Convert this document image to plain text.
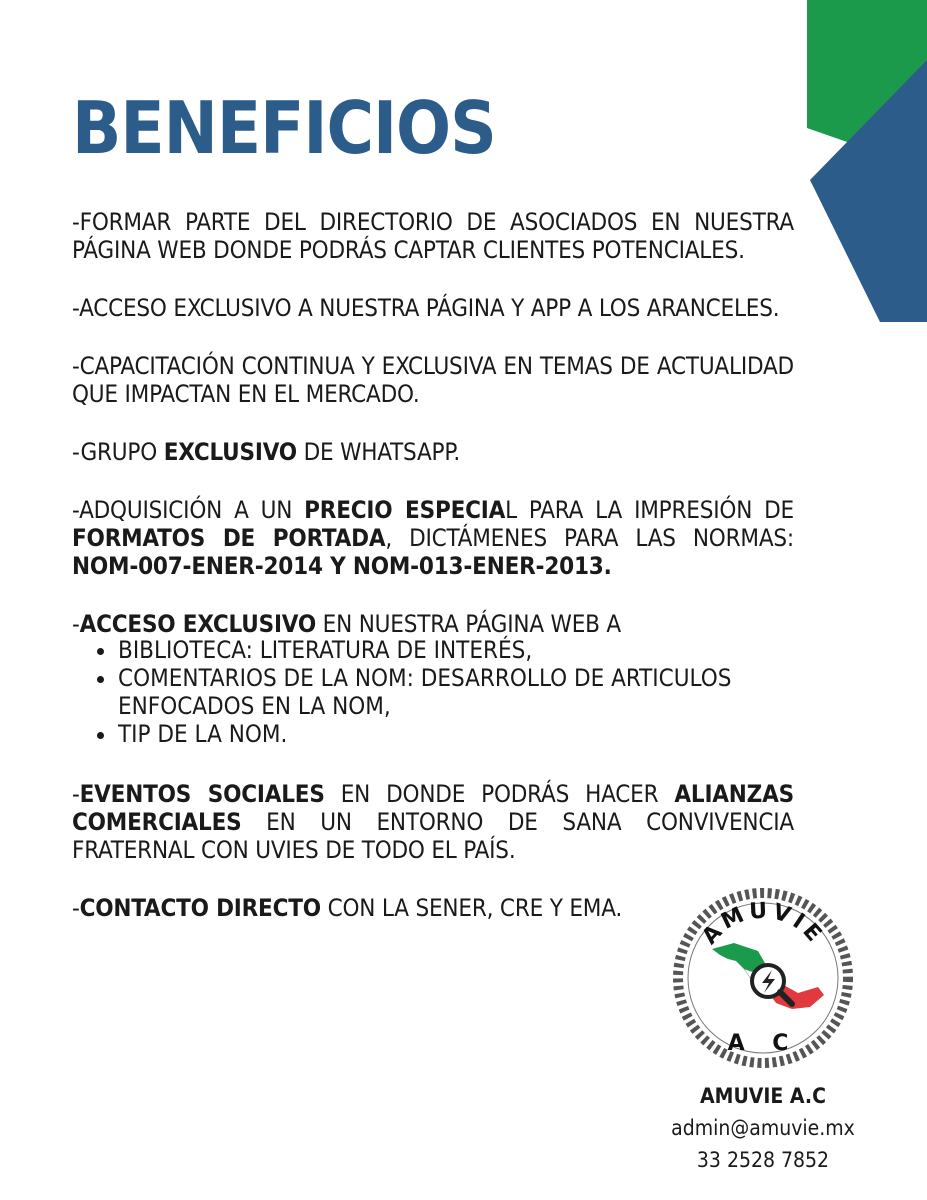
BENEFICIOS

-FORMAR PARTE DEL DIRECTORIO DE ASOCIADOS EN NUESTRA PÁGINA WEB DONDE PODRÁS CAPTAR CLIENTES POTENCIALES.

-ACCESO EXCLUSIVO A NUESTRA PÁGINA Y APP A LOS ARANCELES.

-CAPACITACIÓN CONTINUA Y EXCLUSIVA EN TEMAS DE ACTUALIDAD QUE IMPACTAN EN EL MERCADO.

-GRUPO EXCLUSIVO DE WHATSAPP.

-ADQUISICIÓN A UN PRECIO ESPECIAL PARA LA IMPRESIÓN DE FORMATOS DE PORTADA, DICTÁMENES PARA LAS NORMAS: NOM-007-ENER-2014 Y NOM-013-ENER-2013.

-ACCESO EXCLUSIVO EN NUESTRA PÁGINA WEB A

• BIBLIOTECA: LITERATURA DE INTERÉS,
• COMENTARIOS DE LA NOM: DESARROLLO DE ARTICULOS ENFOCADOS EN LA NOM,
• TIP DE LA NOM.

-EVENTOS SOCIALES EN DONDE PODRÁS HACER ALIANZAS COMERCIALES EN UN ENTORNO DE SANA CONVIVENCIA FRATERNAL CON UVIES DE TODO EL PAÍS.

-CONTACTO DIRECTO CON LA SENER, CRE Y EMA.

AMUVIE
A C
AMUVIE A.C
admin@amuvie.mx
33 2528 7852
